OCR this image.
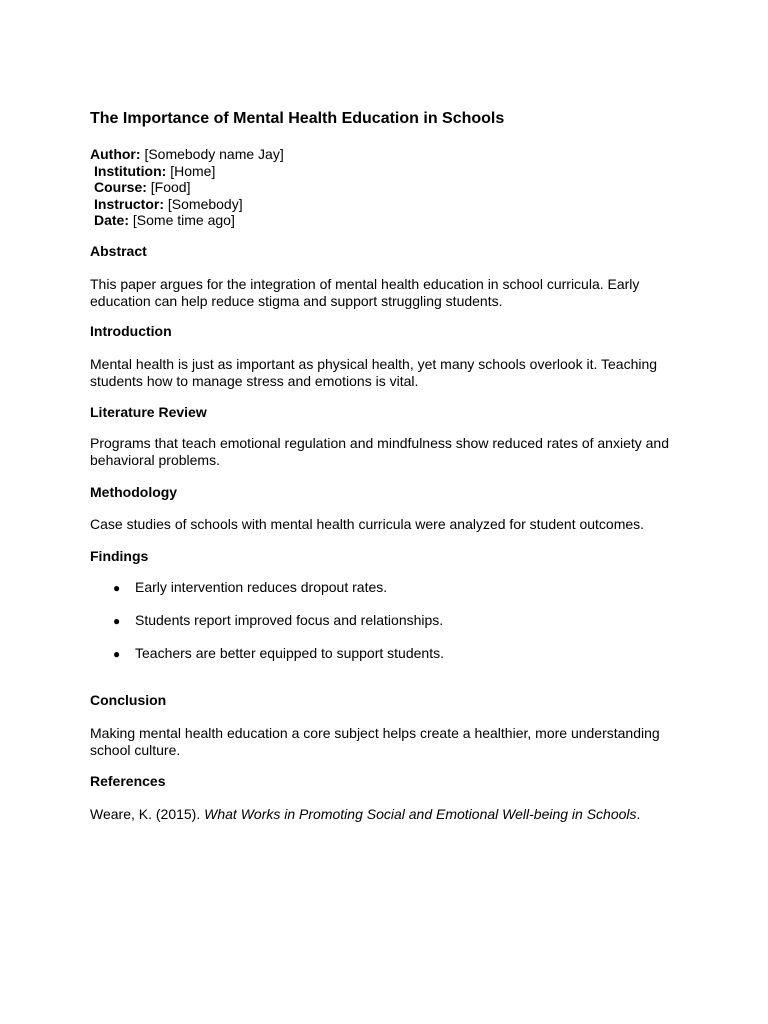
The Importance of Mental Health Education in Schools
Author: [Somebody name Jay]
Institution: [Home]
Course: [Food]
Instructor: [Somebody]
Date: [Some time ago]
Abstract
This paper argues for the integration of mental health education in school curricula. Early education can help reduce stigma and support struggling students.
Introduction
Mental health is just as important as physical health, yet many schools overlook it. Teaching students how to manage stress and emotions is vital.
Literature Review
Programs that teach emotional regulation and mindfulness show reduced rates of anxiety and behavioral problems.
Methodology
Case studies of schools with mental health curricula were analyzed for student outcomes.
Findings
● Early intervention reduces dropout rates.
● Students report improved focus and relationships.
● Teachers are better equipped to support students.
Conclusion
Making mental health education a core subject helps create a healthier, more understanding school culture.
References
Weare, K. (2015). What Works in Promoting Social and Emotional Well-being in Schools.
